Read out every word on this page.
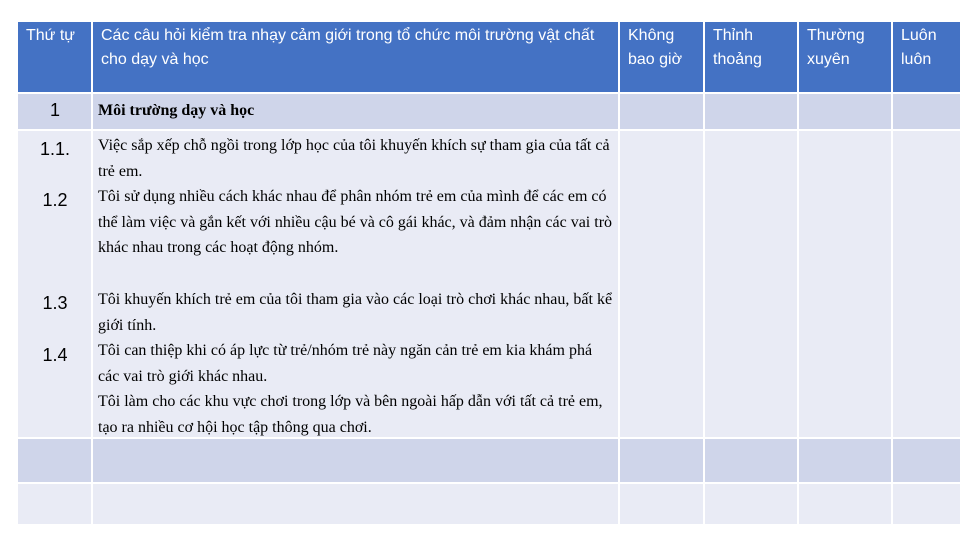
Thứ tự	Các câu hỏi kiểm tra nhạy cảm giới trong tổ chức môi trường vật chất cho dạy và học
Không bao giờ
Thỉnh thoảng
Thường xuyên
Luôn luôn
1
1.1.
1.2
1.3
1.4
Môi trường dạy và học
Việc sắp xếp chỗ ngồi trong lớp học của tôi khuyến khích sự tham gia của tất cả trẻ em.
Tôi sử dụng nhiều cách khác nhau để phân nhóm trẻ em của mình để các em có thể làm việc và gắn kết với nhiều cậu bé và cô gái khác, và đảm nhận các vai trò khác nhau trong các hoạt động nhóm.
Tôi khuyến khích trẻ em của tôi tham gia vào các loại trò chơi khác nhau, bất kể giới tính.
Tôi can thiệp khi có áp lực từ trẻ/nhóm trẻ này ngăn cản trẻ em kia khám phá các vai trò giới khác nhau.
Tôi làm cho các khu vực chơi trong lớp và bên ngoài hấp dẫn với tất cả trẻ em, tạo ra nhiều cơ hội học tập thông qua chơi.
